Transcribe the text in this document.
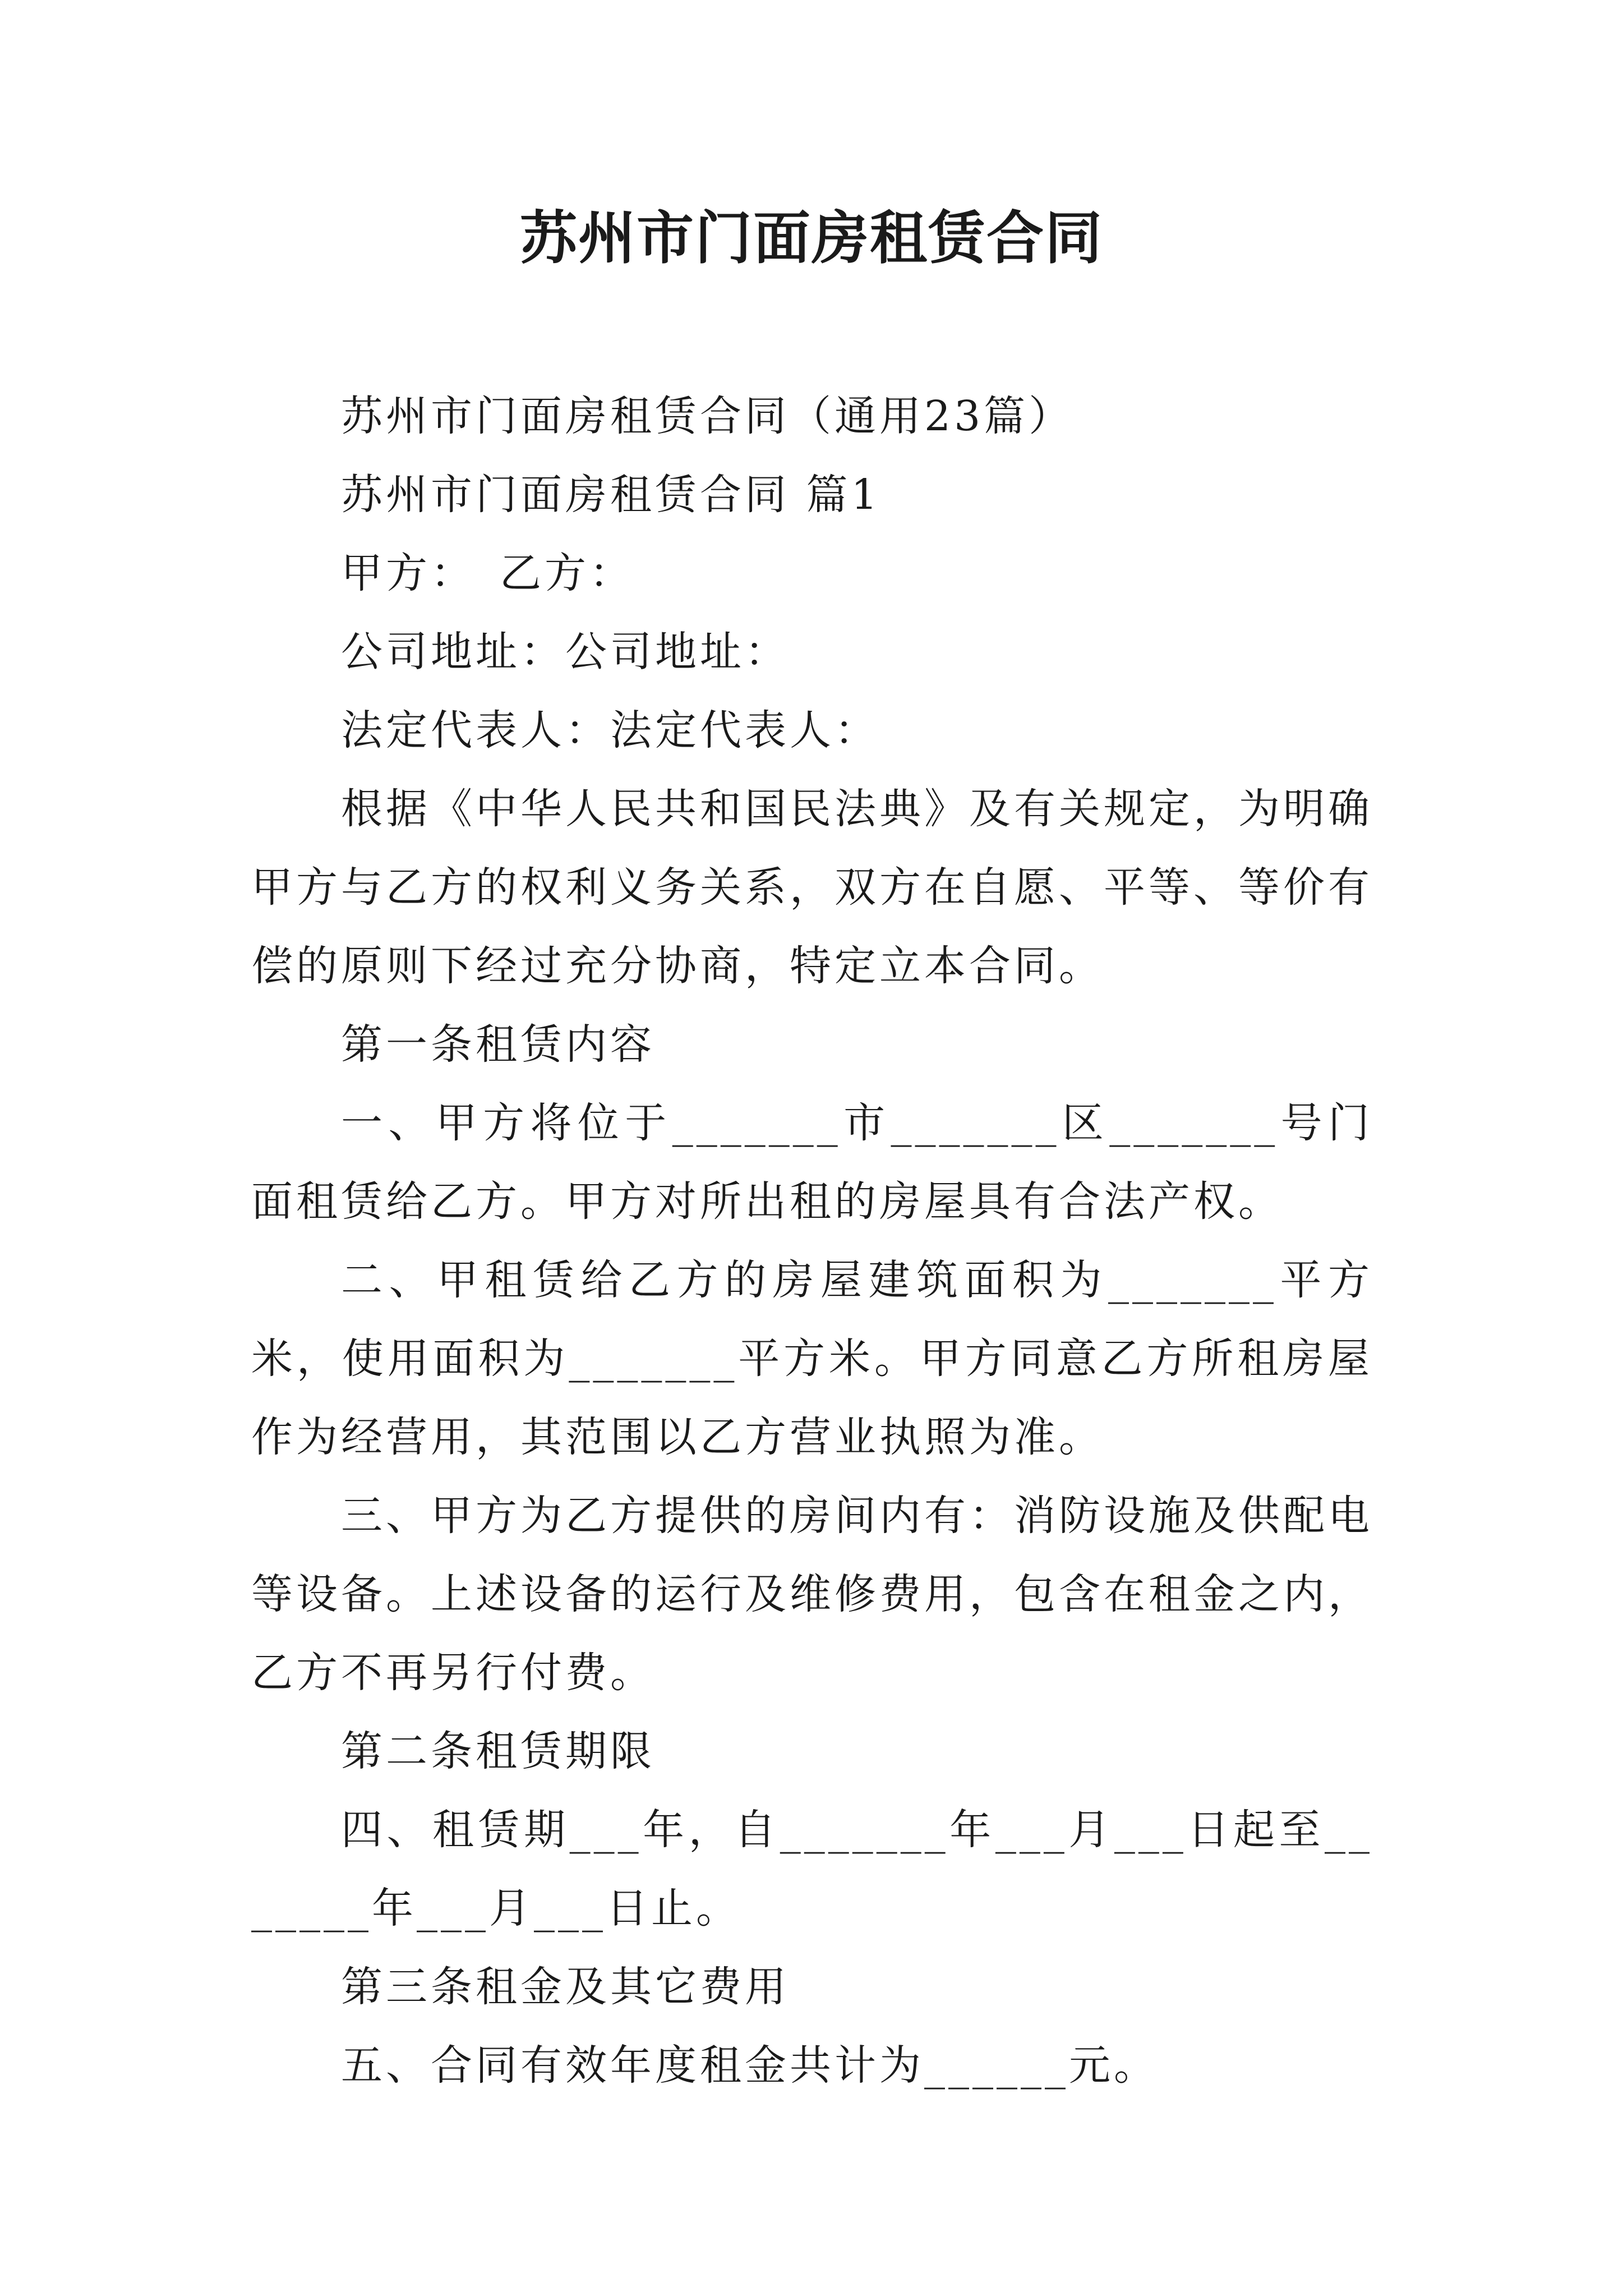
苏州市门面房租赁合同

苏州市门面房租赁合同（通用23篇）

苏州市门面房租赁合同 篇1

甲方：　乙方：

公司地址：公司地址：

法定代表人：法定代表人：

根据《中华人民共和国民法典》及有关规定，为明确甲方与乙方的权利义务关系，双方在自愿、平等、等价有偿的原则下经过充分协商，特定立本合同。

第一条租赁内容

一、甲方将位于_______市_______区_______号门面租赁给乙方。甲方对所出租的房屋具有合法产权。

二、甲租赁给乙方的房屋建筑面积为_______平方米，使用面积为_______平方米。甲方同意乙方所租房屋作为经营用，其范围以乙方营业执照为准。

三、甲方为乙方提供的房间内有：消防设施及供配电等设备。上述设备的运行及维修费用，包含在租金之内，乙方不再另行付费。

第二条租赁期限

四、租赁期___年，自_______年___月___日起至_______年___月___日止。

第三条租金及其它费用

五、合同有效年度租金共计为______元。
